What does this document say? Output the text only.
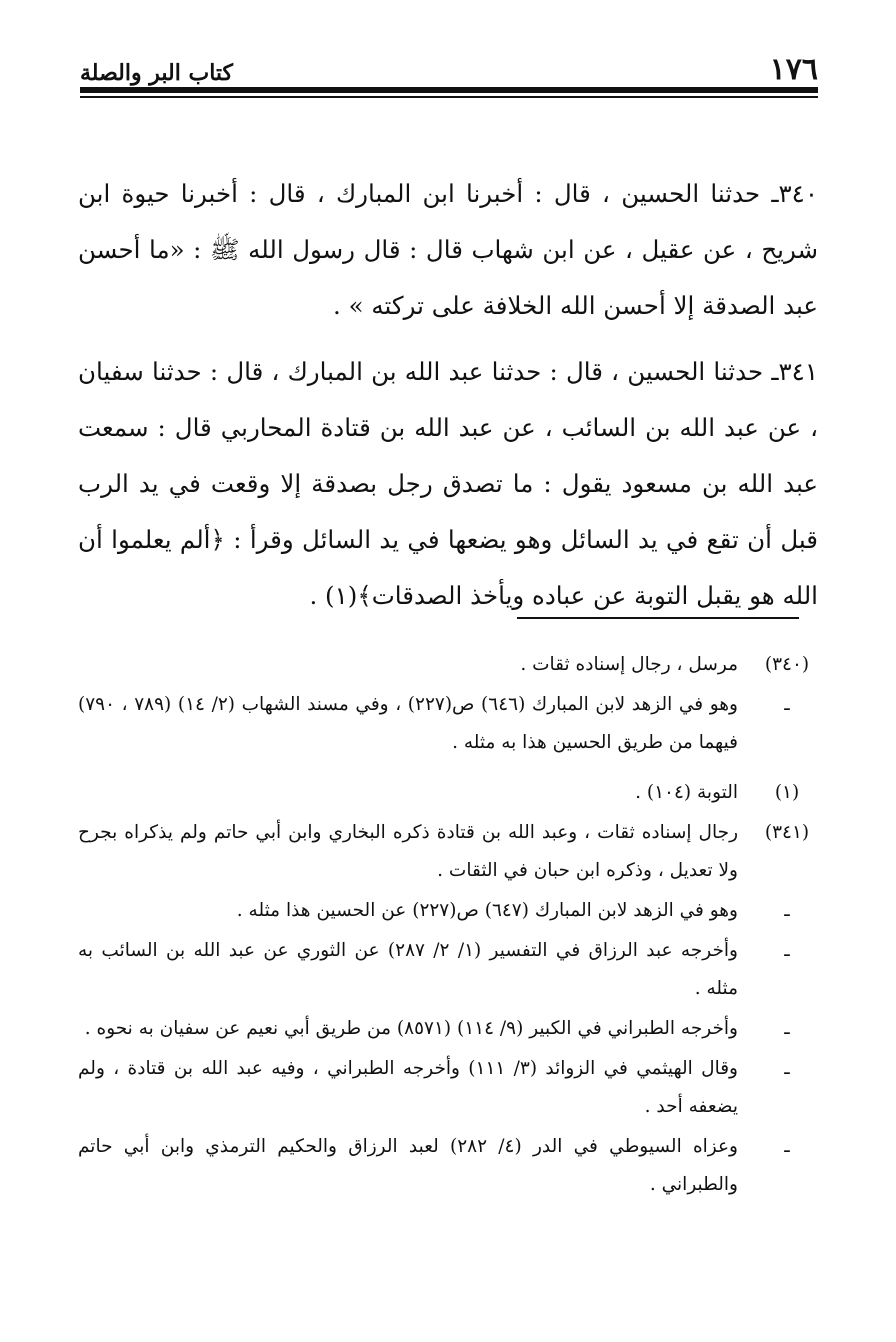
١٧٦
كتاب البر والصلة

٣٤٠ـ حدثنا الحسين ، قال : أخبرنا ابن المبارك ، قال : أخبرنا حيوة ابن شريح ، عن عقيل ، عن ابن شهاب قال : قال رسول الله ﷺ : «ما أحسن عبد الصدقة إلا أحسن الله الخلافة على تركته » .

٣٤١ـ حدثنا الحسين ، قال : حدثنا عبد الله بن المبارك ، قال : حدثنا سفيان ، عن عبد الله بن السائب ، عن عبد الله بن قتادة المحاربي قال : سمعت عبد الله بن مسعود يقول : ما تصدق رجل بصدقة إلا وقعت في يد الرب قبل أن تقع في يد السائل وهو يضعها في يد السائل وقرأ : ﴿ألم يعلموا أن الله هو يقبل التوبة عن عباده ويأخذ الصدقات﴾(١) .

(٣٤٠)
مرسل ، رجال إسناده ثقات .
ـ
وهو في الزهد لابن المبارك (٦٤٦) ص(٢٢٧) ، وفي مسند الشهاب (٢/ ١٤) (٧٨٩ ، ٧٩٠) فيهما من طريق الحسين هذا به مثله .
(١)
التوبة (١٠٤) .
(٣٤١)
رجال إسناده ثقات ، وعبد الله بن قتادة ذكره البخاري وابن أبي حاتم ولم يذكراه بجرح ولا تعديل ، وذكره ابن حبان في الثقات .
ـ
وهو في الزهد لابن المبارك (٦٤٧) ص(٢٢٧) عن الحسين هذا مثله .
ـ
وأخرجه عبد الرزاق في التفسير (١/ ٢/ ٢٨٧) عن الثوري عن عبد الله بن السائب به مثله .
ـ
وأخرجه الطبراني في الكبير (٩/ ١١٤) (٨٥٧١) من طريق أبي نعيم عن سفيان به نحوه .
ـ
وقال الهيثمي في الزوائد (٣/ ١١١) وأخرجه الطبراني ، وفيه عبد الله بن قتادة ، ولم يضعفه أحد .
ـ
وعزاه السيوطي في الدر (٤/ ٢٨٢) لعبد الرزاق والحكيم الترمذي وابن أبي حاتم والطبراني .
